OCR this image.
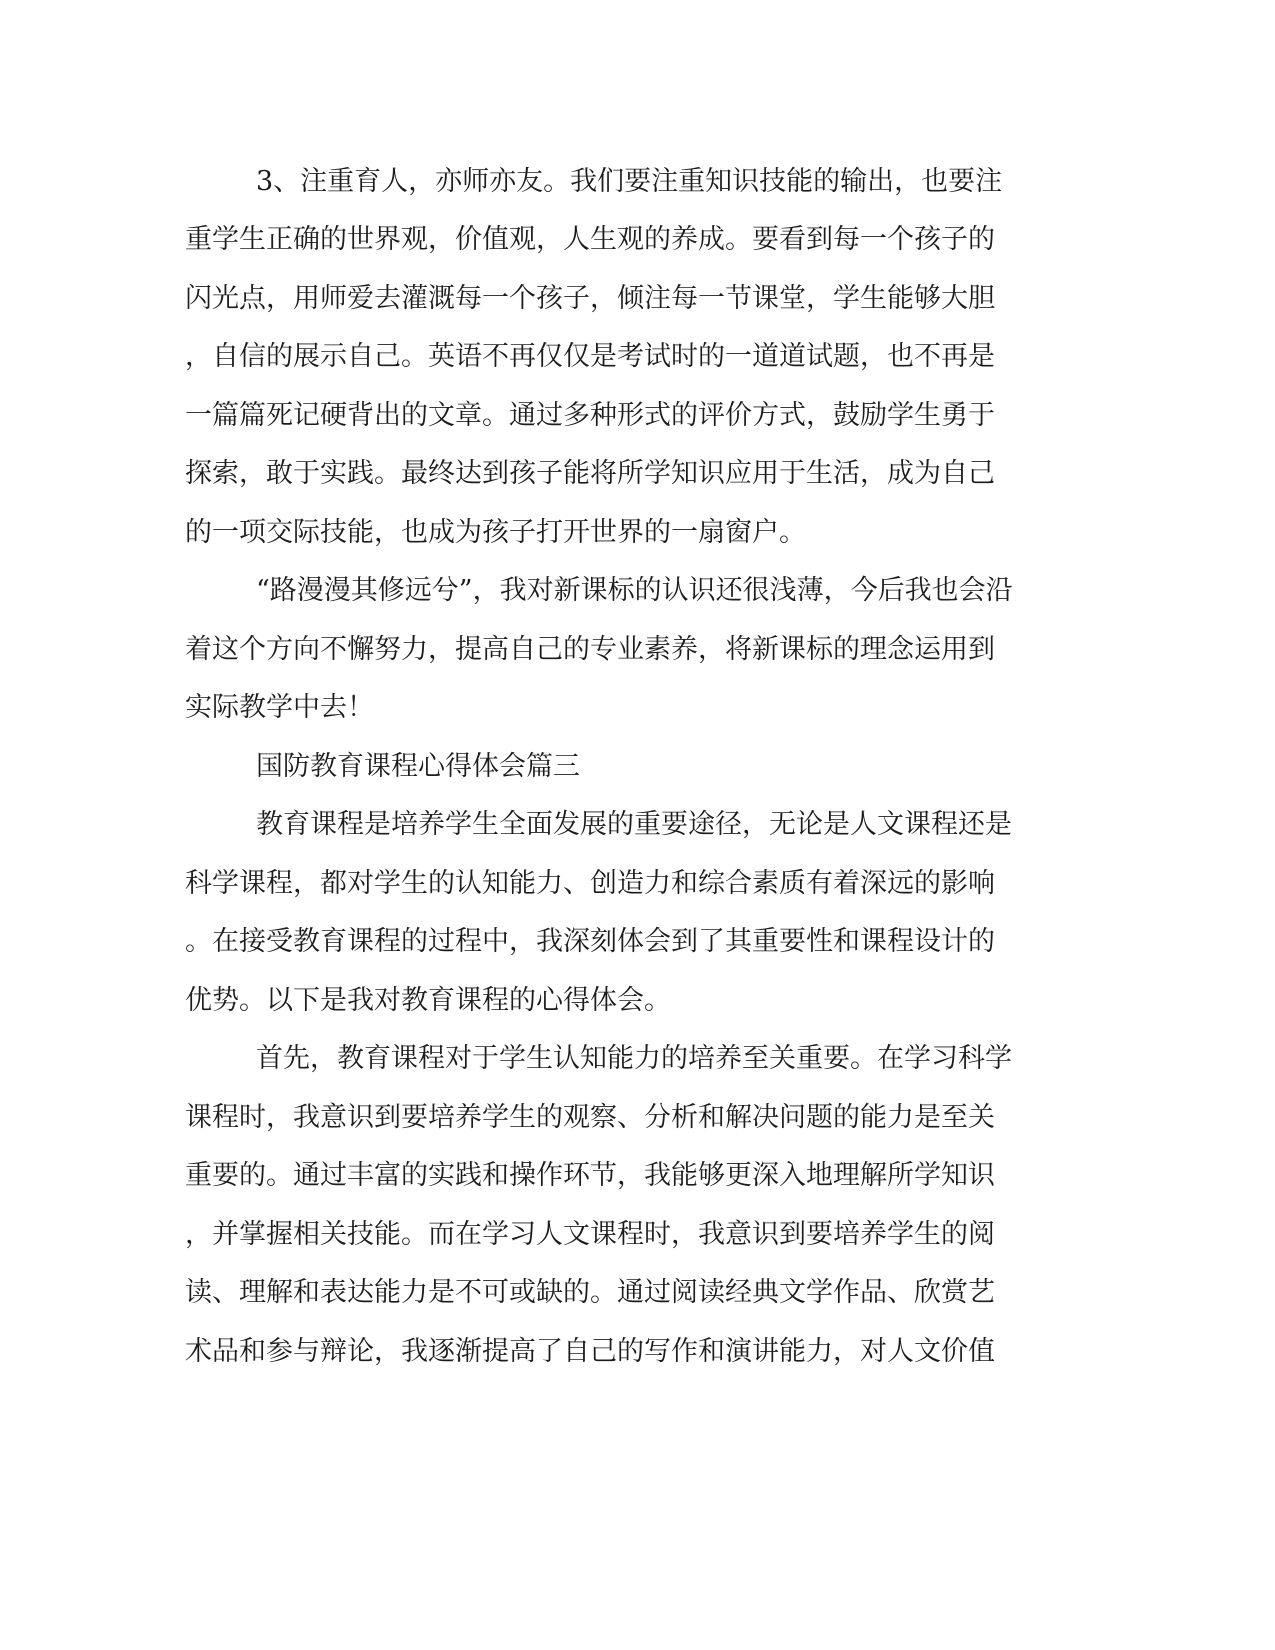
3、注重育人，亦师亦友。我们要注重知识技能的输出，也要注
重学生正确的世界观，价值观，人生观的养成。要看到每一个孩子的
闪光点，用师爱去灌溉每一个孩子，倾注每一节课堂，学生能够大胆
，自信的展示自己。英语不再仅仅是考试时的一道道试题，也不再是
一篇篇死记硬背出的文章。通过多种形式的评价方式，鼓励学生勇于
探索，敢于实践。最终达到孩子能将所学知识应用于生活，成为自己
的一项交际技能，也成为孩子打开世界的一扇窗户。
“路漫漫其修远兮”，我对新课标的认识还很浅薄，今后我也会沿
着这个方向不懈努力，提高自己的专业素养，将新课标的理念运用到
实际教学中去！
国防教育课程心得体会篇三
教育课程是培养学生全面发展的重要途径，无论是人文课程还是
科学课程，都对学生的认知能力、创造力和综合素质有着深远的影响
。在接受教育课程的过程中，我深刻体会到了其重要性和课程设计的
优势。以下是我对教育课程的心得体会。
首先，教育课程对于学生认知能力的培养至关重要。在学习科学
课程时，我意识到要培养学生的观察、分析和解决问题的能力是至关
重要的。通过丰富的实践和操作环节，我能够更深入地理解所学知识
，并掌握相关技能。而在学习人文课程时，我意识到要培养学生的阅
读、理解和表达能力是不可或缺的。通过阅读经典文学作品、欣赏艺
术品和参与辩论，我逐渐提高了自己的写作和演讲能力，对人文价值
